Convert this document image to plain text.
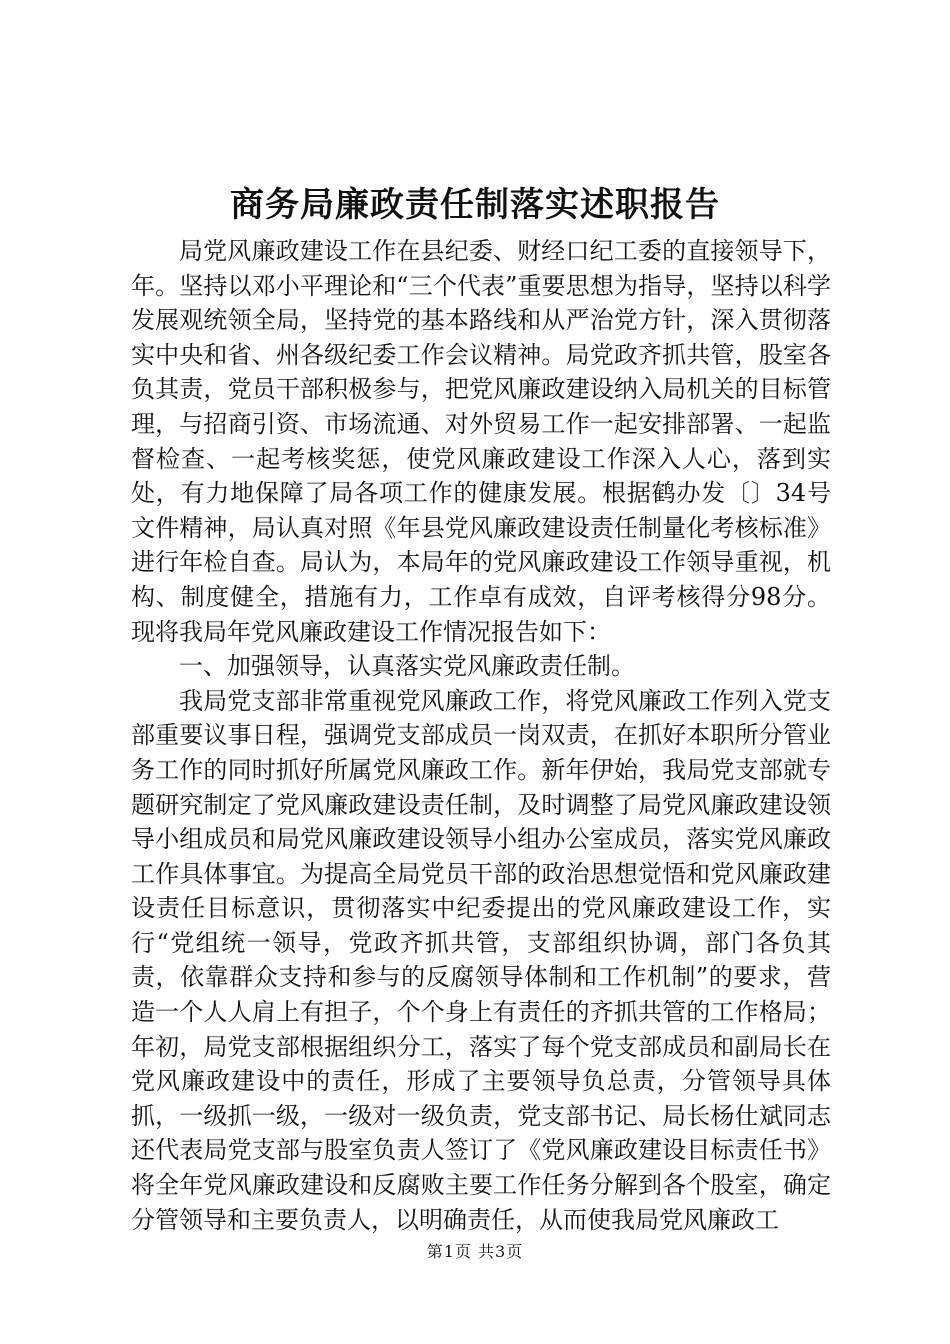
商务局廉政责任制落实述职报告

局党风廉政建设工作在县纪委、财经口纪工委的直接领导下，年。坚持以邓小平理论和“三个代表”重要思想为指导，坚持以科学发展观统领全局，坚持党的基本路线和从严治党方针，深入贯彻落实中央和省、州各级纪委工作会议精神。局党政齐抓共管，股室各负其责，党员干部积极参与，把党风廉政建设纳入局机关的目标管理，与招商引资、市场流通、对外贸易工作一起安排部署、一起监督检查、一起考核奖惩，使党风廉政建设工作深入人心，落到实处，有力地保障了局各项工作的健康发展。根据鹤办发〔〕34号文件精神，局认真对照《年县党风廉政建设责任制量化考核标准》进行年检自查。局认为，本局年的党风廉政建设工作领导重视，机构、制度健全，措施有力，工作卓有成效，自评考核得分98分。现将我局年党风廉政建设工作情况报告如下：

一、加强领导，认真落实党风廉政责任制。

我局党支部非常重视党风廉政工作，将党风廉政工作列入党支部重要议事日程，强调党支部成员一岗双责，在抓好本职所分管业务工作的同时抓好所属党风廉政工作。新年伊始，我局党支部就专题研究制定了党风廉政建设责任制，及时调整了局党风廉政建设领导小组成员和局党风廉政建设领导小组办公室成员，落实党风廉政工作具体事宜。为提高全局党员干部的政治思想觉悟和党风廉政建设责任目标意识，贯彻落实中纪委提出的党风廉政建设工作，实行“党组统一领导，党政齐抓共管，支部组织协调，部门各负其责，依靠群众支持和参与的反腐领导体制和工作机制”的要求，营造一个人人肩上有担子，个个身上有责任的齐抓共管的工作格局；年初，局党支部根据组织分工，落实了每个党支部成员和副局长在党风廉政建设中的责任，形成了主要领导负总责，分管领导具体抓，一级抓一级，一级对一级负责，党支部书记、局长杨仕斌同志还代表局党支部与股室负责人签订了《党风廉政建设目标责任书》将全年党风廉政建设和反腐败主要工作任务分解到各个股室，确定分管领导和主要负责人，以明确责任，从而使我局党风廉政工

第1页 共3页
